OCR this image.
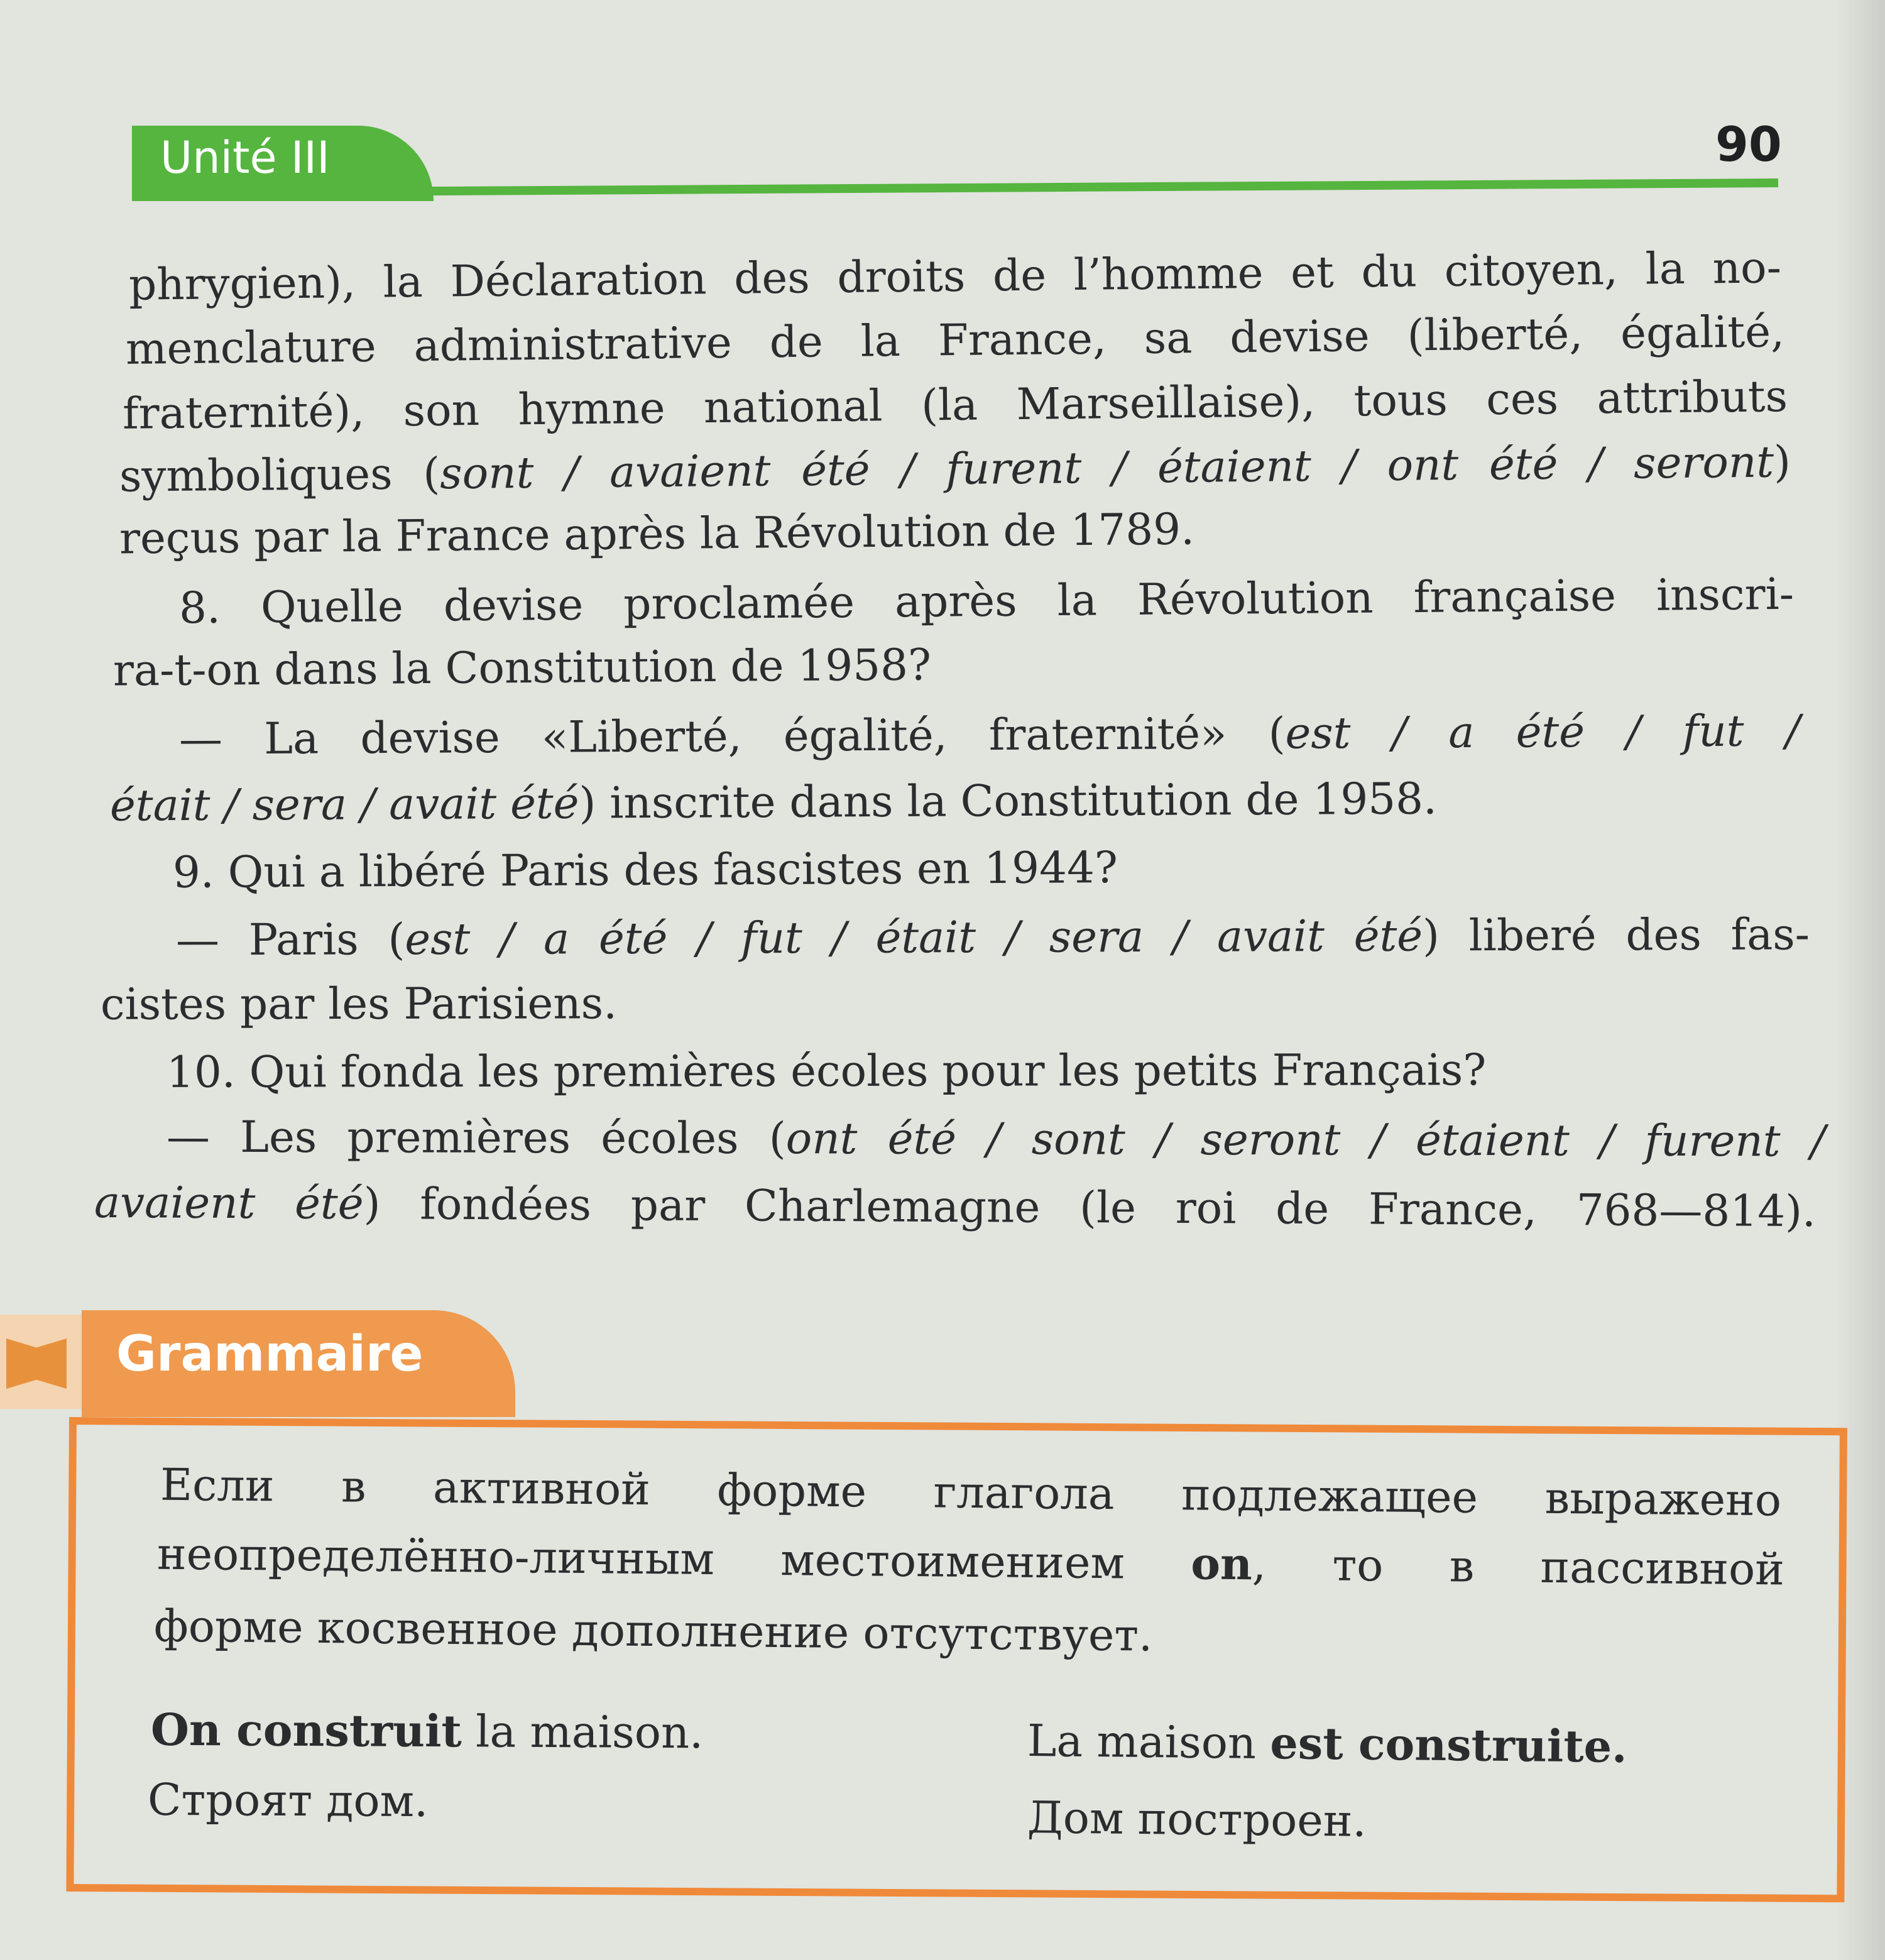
Unité III	90
phrygien), la Déclaration des droits de l’homme et du citoyen, la no-
menclature administrative de la France, sa devise (liberté, égalité,
fraternité), son hymne national (la Marseillaise), tous ces attributs
symboliques (sont / avaient été / furent / étaient / ont été / seront)
reçus par la France après la Révolution de 1789.
8. Quelle devise proclamée après la Révolution française inscri-
ra-t-on dans la Constitution de 1958?
— La devise «Liberté, égalité, fraternité» (est / a été / fut /
était / sera / avait été) inscrite dans la Constitution de 1958.
9. Qui a libéré Paris des fascistes en 1944?
— Paris (est / a été / fut / était / sera / avait été) liberé des fas-
cistes par les Parisiens.
10. Qui fonda les premières écoles pour les petits Français?
— Les premières écoles (ont été / sont / seront / étaient / furent /
avaient été) fondées par Charlemagne (le roi de France, 768—814).
Grammaire
Если в активной форме глагола подлежащее выражено
неопределённо-личным местоимением on, то в пассивной
форме косвенное дополнение отсутствует.
On construit la maison.
Строят дом.
La maison est construite.
Дом построен.
